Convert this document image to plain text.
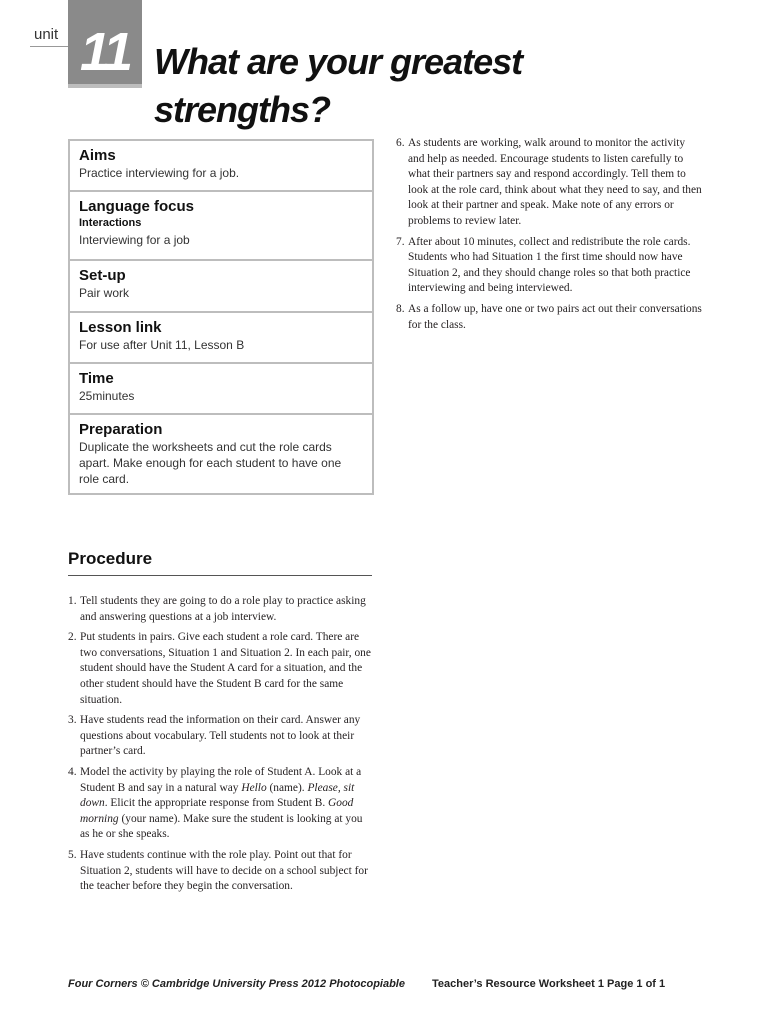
unit 11 What are your greatest
strengths?
Aims
Practice interviewing for a job.
Language focus
Interactions
Interviewing for a job
Set-up
Pair work
Lesson link
For use after Unit 11, Lesson B
Time
25minutes
Preparation
Duplicate the worksheets and cut the role cards apart. Make enough for each student to have one role card.
Procedure
1. Tell students they are going to do a role play to practice asking and answering questions at a job interview.
2. Put students in pairs. Give each student a role card. There are two conversations, Situation 1 and Situation 2. In each pair, one student should have the Student A card for a situation, and the other student should have the Student B card for the same situation.
3. Have students read the information on their card. Answer any questions about vocabulary. Tell students not to look at their partner’s card.
4. Model the activity by playing the role of Student A. Look at a Student B and say in a natural way Hello (name). Please, sit down. Elicit the appropriate response from Student B. Good morning (your name). Make sure the student is looking at you as he or she speaks.
5. Have students continue with the role play. Point out that for Situation 2, students will have to decide on a school subject for the teacher before they begin the conversation.
6. As students are working, walk around to monitor the activity and help as needed. Encourage students to listen carefully to what their partners say and respond accordingly. Tell them to look at the role card, think about what they need to say, and then look at their partner and speak. Make note of any errors or problems to review later.
7. After about 10 minutes, collect and redistribute the role cards. Students who had Situation 1 the first time should now have Situation 2, and they should change roles so that both practice interviewing and being interviewed.
8. As a follow up, have one or two pairs act out their conversations for the class.
Four Corners © Cambridge University Press 2012 Photocopiable Teacher’s Resource Worksheet 1 Page 1 of 1
